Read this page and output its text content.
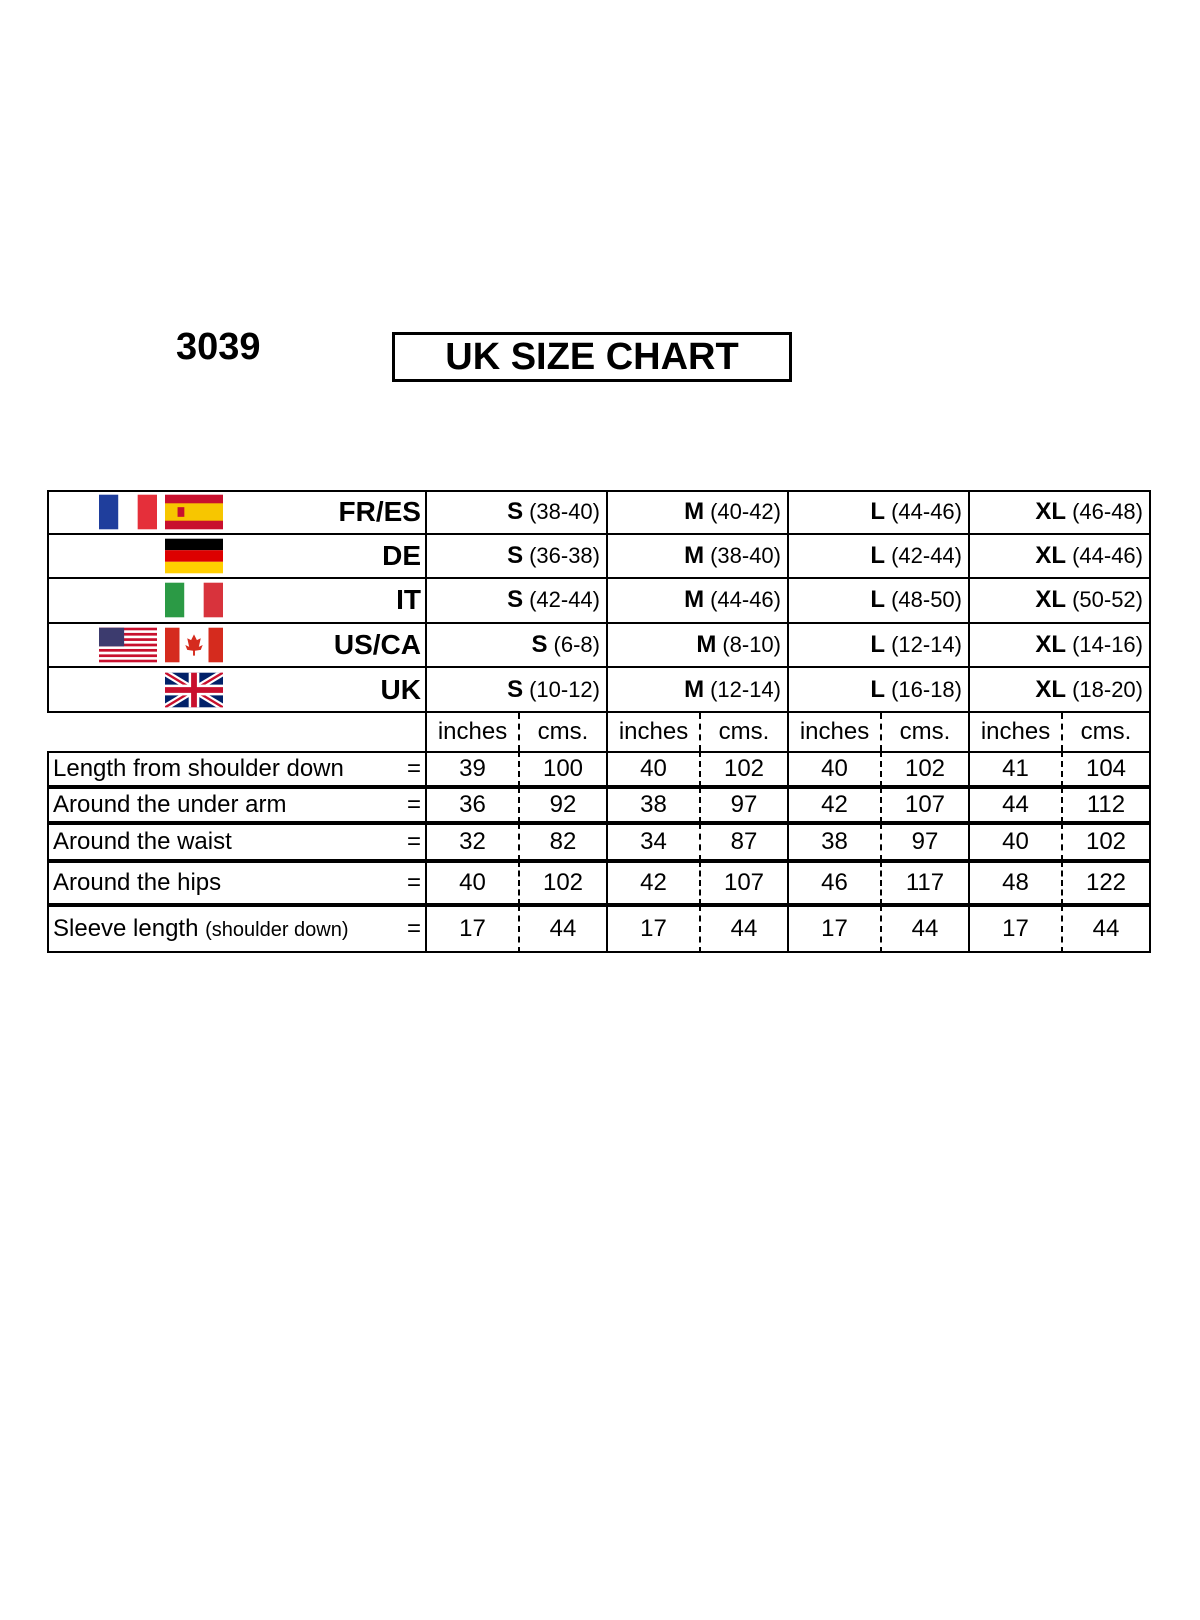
3039	UK SIZE CHART
FR/ES	S (38-40)	M (40-42)	L (44-46)	XL (46-48)
DE	S (36-38)	M (38-40)	L (42-44)	XL (44-46)
IT	S (42-44)	M (44-46)	L (48-50)	XL (50-52)
US/CA	S (6-8)	M (8-10)	L (12-14)	XL (14-16)
UK	S (10-12)	M (12-14)	L (16-18)	XL (18-20)
inches	cms.	inches	cms.	inches	cms.	inches	cms.
Length from shoulder down	=	39	100	40	102	40	102	41	104
Around the under arm	=	36	92	38	97	42	107	44	112
Around the waist	=	32	82	34	87	38	97	40	102
Around the hips	=	40	102	42	107	46	117	48	122
Sleeve length (shoulder down) =	17	44	17	44	17	44	17	44
